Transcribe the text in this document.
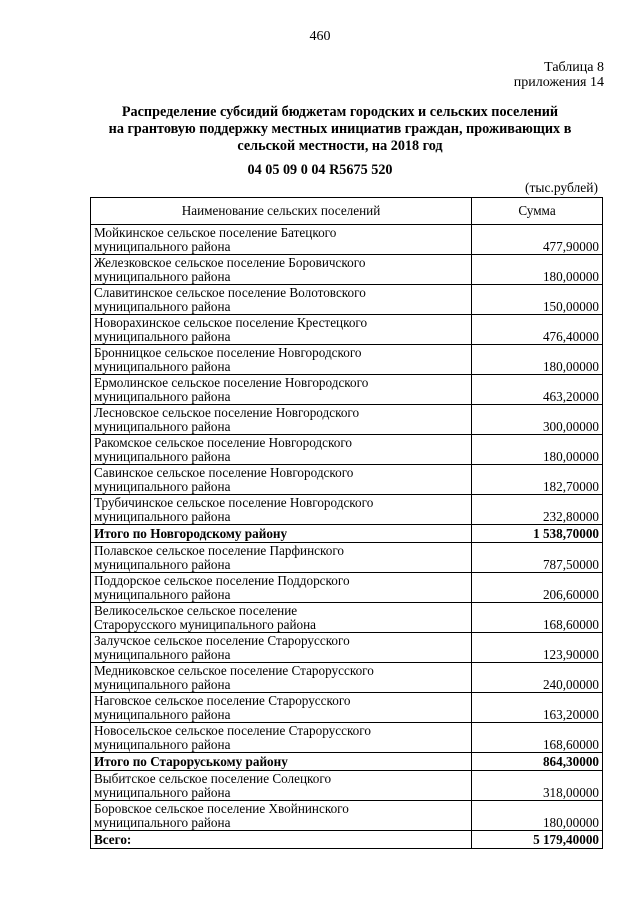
460
Таблица 8
приложения 14
Распределение субсидий бюджетам городских и сельских поселений
на грантовую поддержку местных инициатив граждан, проживающих в
сельской местности, на 2018 год
04 05 09 0 04 R5675 520
(тыс.рублей)
Наименование сельских поселений	Сумма

Мойкинское сельское поселение Батецкого
муниципального района	477,90000

Железковское сельское поселение Боровичского
муниципального района	180,00000

Славитинское сельское поселение Волотовского
муниципального района	150,00000

Новорахинское сельское поселение Крестецкого
муниципального района	476,40000

Бронницкое сельское поселение Новгородского
муниципального района	180,00000

Ермолинское сельское поселение Новгородского
муниципального района	463,20000

Лесновское сельское поселение Новгородского
муниципального района	300,00000

Ракомское сельское поселение Новгородского
муниципального района	180,00000

Савинское сельское поселение Новгородского
муниципального района	182,70000

Трубичинское сельское поселение Новгородского
муниципального района	232,80000
Итого по Новгородскому району	1 538,70000

Полавское сельское поселение Парфинского
муниципального района	787,50000

Поддорское сельское поселение Поддорского
муниципального района	206,60000

Великосельское сельское поселение
Старорусского муниципального района	168,60000

Залучское сельское поселение Старорусского
муниципального района	123,90000

Медниковское сельское поселение Старорусского
муниципального района	240,00000

Наговское сельское поселение Старорусского
муниципального района	163,20000

Новосельское сельское поселение Старорусского
муниципального района	168,60000
Итого по Староруському району	864,30000

Выбитское сельское поселение Солецкого
муниципального района	318,00000

Боровское сельское поселение Хвойнинского
муниципального района	180,00000
Всего:	5 179,40000
